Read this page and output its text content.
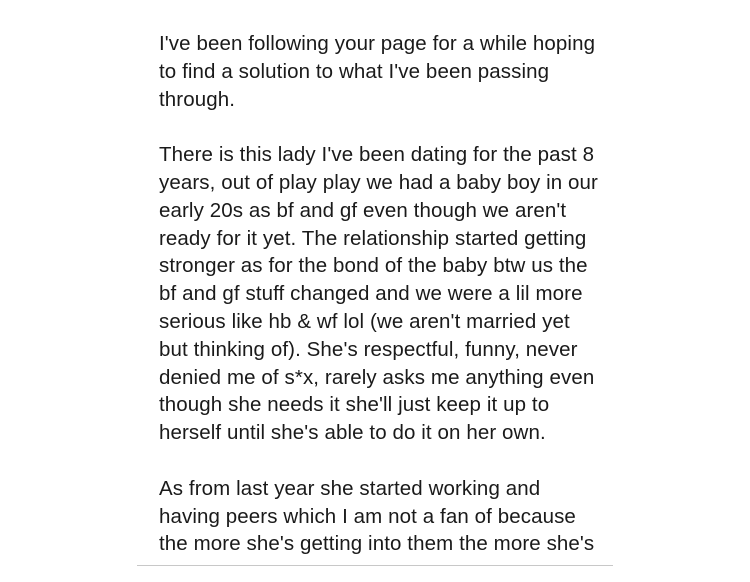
I've been following your page for a while hoping
to find a solution to what I've been passing
through.
There is this lady I've been dating for the past 8
years, out of play play we had a baby boy in our
early 20s as bf and gf even though we aren't
ready for it yet. The relationship started getting
stronger as for the bond of the baby btw us the
bf and gf stuff changed and we were a lil more
serious like hb & wf lol (we aren't married yet
but thinking of). She's respectful, funny, never
denied me of s*x, rarely asks me anything even
though she needs it she'll just keep it up to
herself until she's able to do it on her own.
As from last year she started working and
having peers which I am not a fan of because
the more she's getting into them the more she's
